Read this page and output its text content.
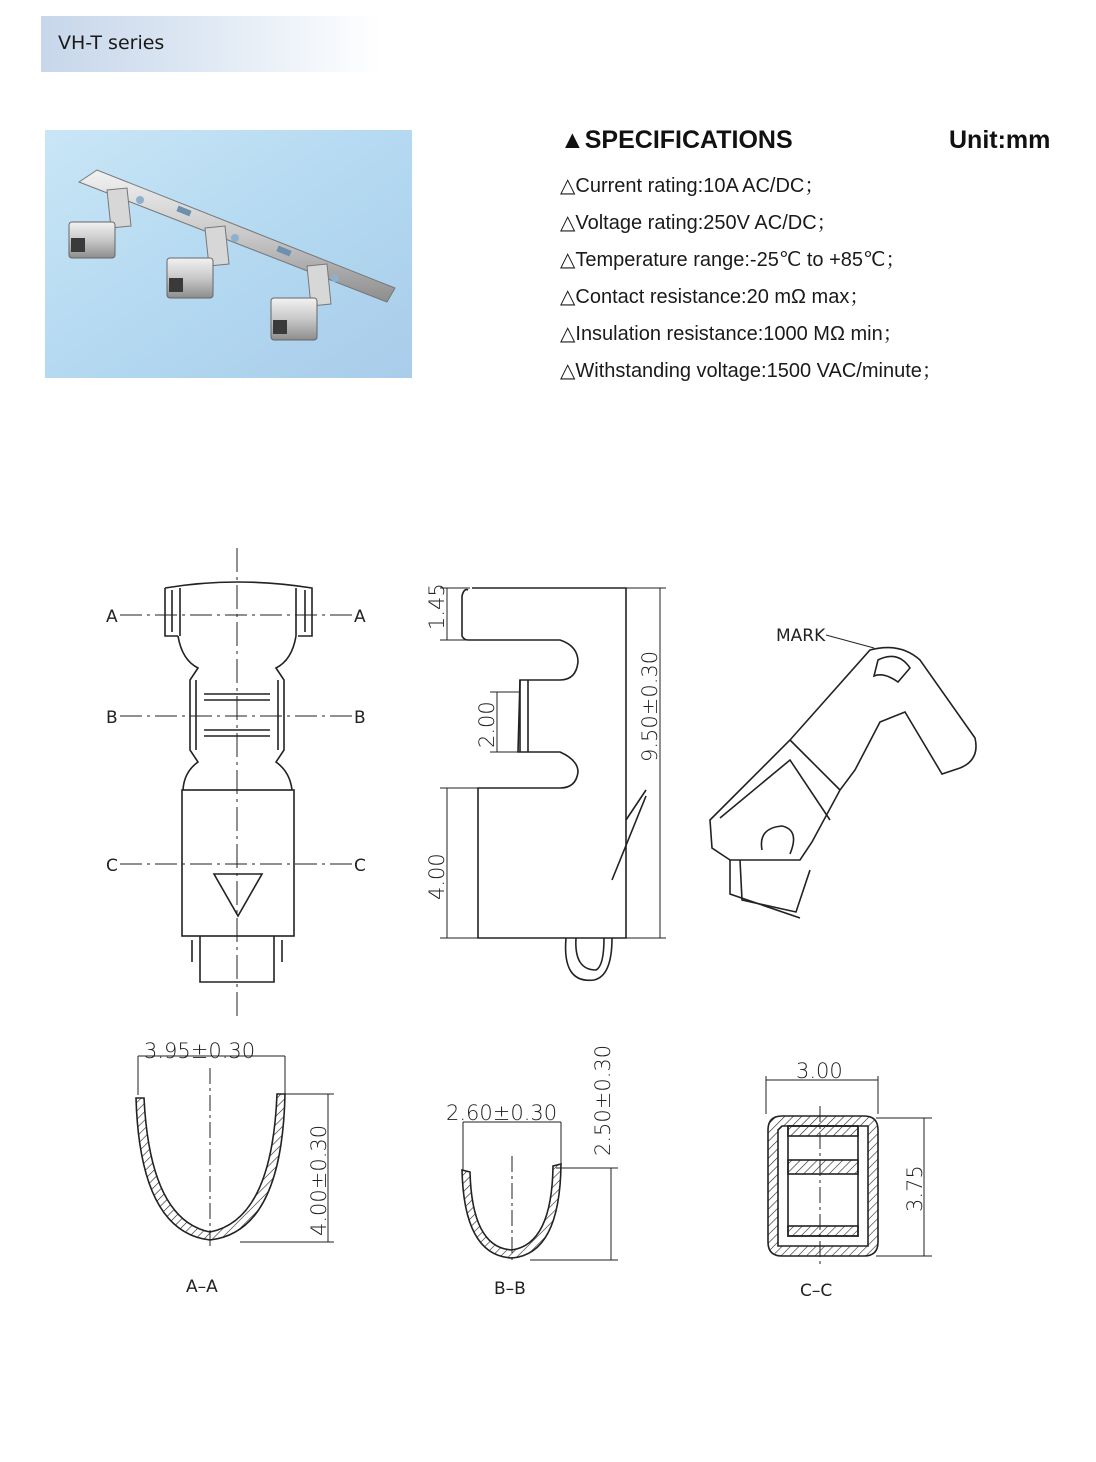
VH-T series
▲SPECIFICATIONS	Unit:mm
△Current rating:10A AC/DC；
△Voltage rating:250V AC/DC；
△Temperature range:-25℃ to +85℃；
△Contact resistance:20 mΩ max；
△Insulation resistance:1000 MΩ min；
△Withstanding voltage:1500 VAC/minute；
A	A
B	B
C	C
1.45
2.00
4.00
9.50±0.30
MARK
3.95±0.30
4.00±0.30
A–A
2.60±0.30 2.50±0.30
B–B
3.00
3.75
C–C
